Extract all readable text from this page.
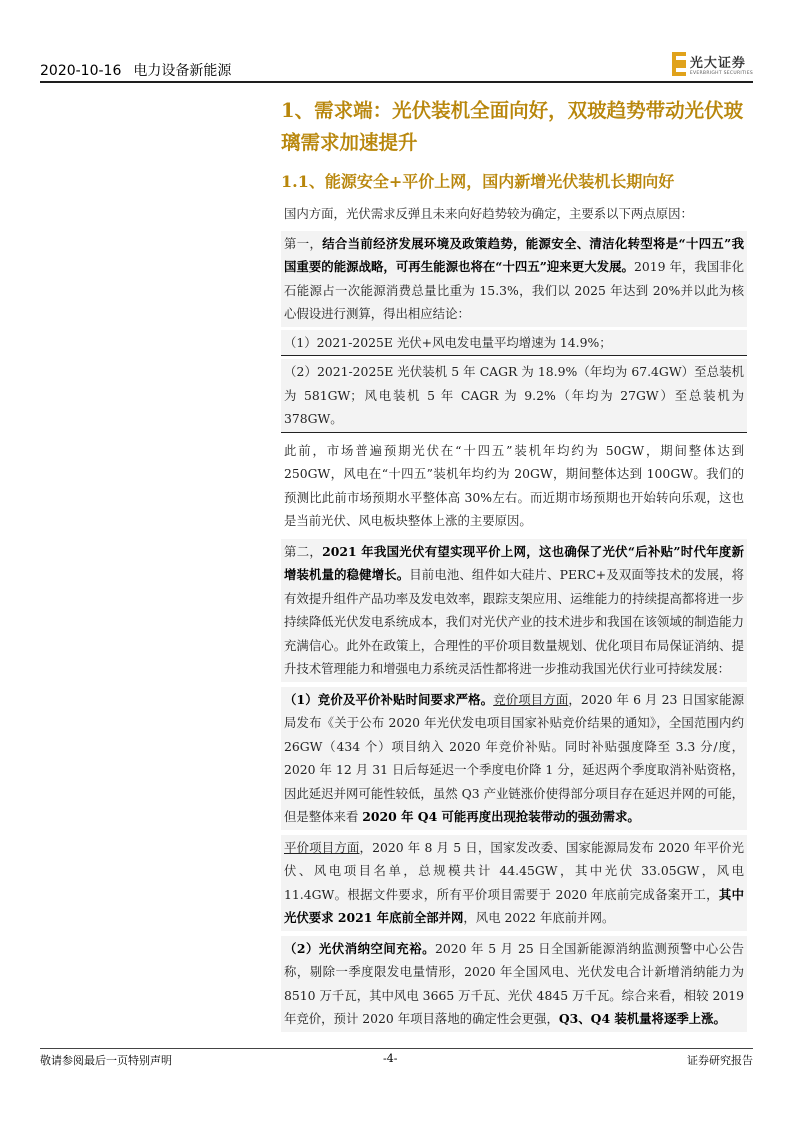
2020-10-16 电力设备新能源	光大证券
EVERBRIGHT SECURITIES
1、需求端：光伏装机全面向好，双玻趋势带动光伏玻璃需求加速提升
1.1、能源安全+平价上网，国内新增光伏装机长期向好
国内方面，光伏需求反弹且未来向好趋势较为确定，主要系以下两点原因：
第一，结合当前经济发展环境及政策趋势，能源安全、清洁化转型将是“十四五”我国重要的能源战略，可再生能源也将在“十四五”迎来更大发展。2019 年，我国非化石能源占一次能源消费总量比重为 15.3%，我们以 2025 年达到 20%并以此为核心假设进行测算，得出相应结论：
（1）2021-2025E 光伏+风电发电量平均增速为 14.9%；
（2）2021-2025E 光伏装机 5 年 CAGR 为 18.9%（年均为 67.4GW）至总装机为 581GW；风电装机 5 年 CAGR 为 9.2%（年均为 27GW）至总装机为 378GW。
此前，市场普遍预期光伏在“十四五”装机年均约为 50GW，期间整体达到 250GW，风电在“十四五”装机年均约为 20GW，期间整体达到 100GW。我们的预测比此前市场预期水平整体高 30%左右。而近期市场预期也开始转向乐观，这也是当前光伏、风电板块整体上涨的主要原因。
第二，2021 年我国光伏有望实现平价上网，这也确保了光伏“后补贴”时代年度新增装机量的稳健增长。目前电池、组件如大硅片、PERC+及双面等技术的发展，将有效提升组件产品功率及发电效率，跟踪支架应用、运维能力的持续提高都将进一步持续降低光伏发电系统成本，我们对光伏产业的技术进步和我国在该领域的制造能力充满信心。此外在政策上，合理性的平价项目数量规划、优化项目布局保证消纳、提升技术管理能力和增强电力系统灵活性都将进一步推动我国光伏行业可持续发展：
（1）竞价及平价补贴时间要求严格。竞价项目方面，2020 年 6 月 23 日国家能源局发布《关于公布 2020 年光伏发电项目国家补贴竞价结果的通知》，全国范围内约 26GW（434 个）项目纳入 2020 年竞价补贴。同时补贴强度降至 3.3 分/度，2020 年 12 月 31 日后每延迟一个季度电价降 1 分，延迟两个季度取消补贴资格，因此延迟并网可能性较低，虽然 Q3 产业链涨价使得部分项目存在延迟并网的可能，但是整体来看 2020 年 Q4 可能再度出现抢装带动的强劲需求。
平价项目方面，2020 年 8 月 5 日，国家发改委、国家能源局发布 2020 年平价光伏、风电项目名单，总规模共计 44.45GW，其中光伏 33.05GW，风电 11.4GW。根据文件要求，所有平价项目需要于 2020 年底前完成备案开工，其中光伏要求 2021 年底前全部并网，风电 2022 年底前并网。
（2）光伏消纳空间充裕。2020 年 5 月 25 日全国新能源消纳监测预警中心公告称，剔除一季度限发电量情形，2020 年全国风电、光伏发电合计新增消纳能力为 8510 万千瓦，其中风电 3665 万千瓦、光伏 4845 万千瓦。综合来看，相较 2019 年竞价，预计 2020 年项目落地的确定性会更强，Q3、Q4 装机量将逐季上涨。
敬请参阅最后一页特别声明	-4-	证券研究报告
